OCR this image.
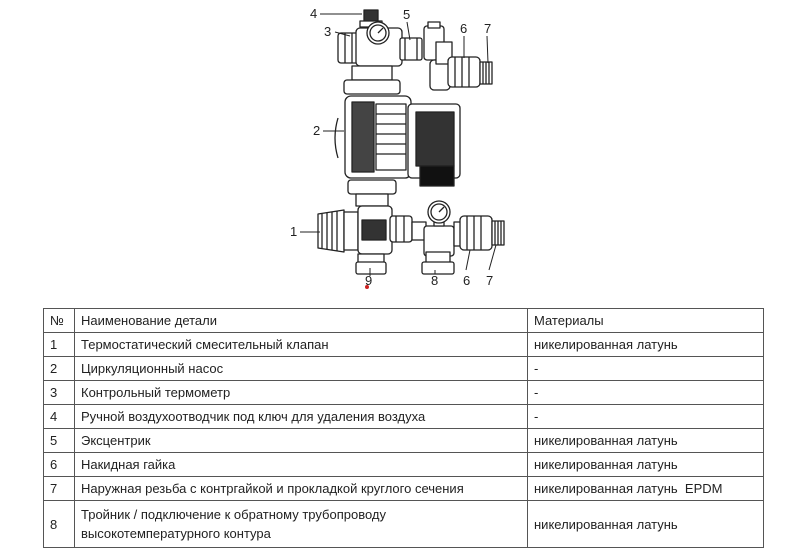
4
3
5
6 7
2
1
9	8 6 7
№	Наименование детали	Материалы
1	Термостатический смесительный клапан	никелированная латунь
2	Циркуляционный насос	-
3	Контрольный термометр	-
4	Ручной воздухоотводчик под ключ для удаления воздуха	-
5	Эксцентрик	никелированная латунь
6	Накидная гайка	никелированная латунь
7	Наружная резьба с контргайкой и прокладкой круглого сечения	никелированная латунь  EPDM
8	Тройник / подключение к обратному трубопроводу
высокотемпературного контура	никелированная латунь
